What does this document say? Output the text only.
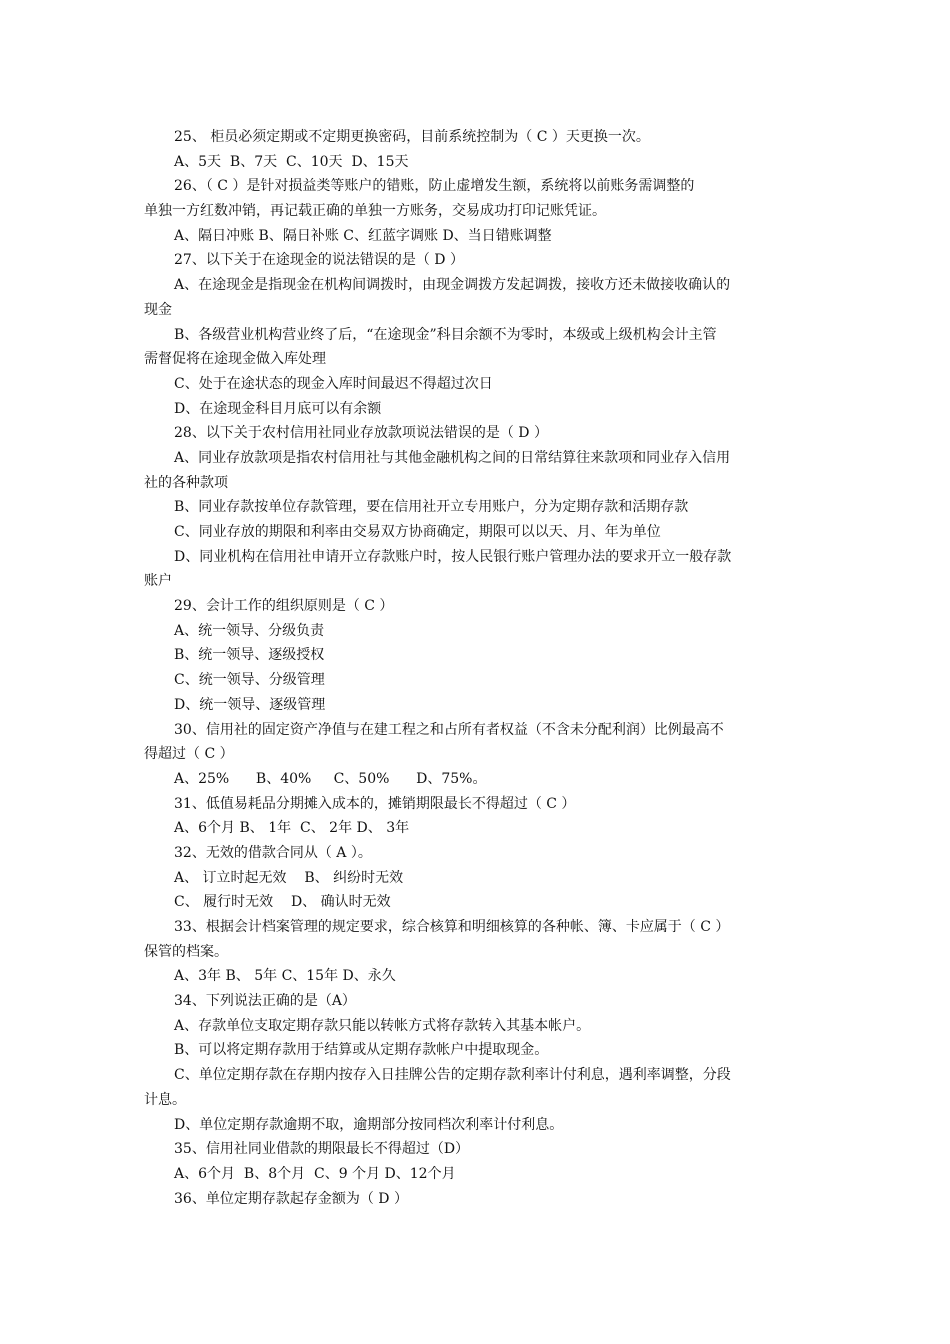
25、 柜员必须定期或不定期更换密码，目前系统控制为（ C ）天更换一次。

A、5天  B、7天  C、10天  D、15天

26、（ C ）是针对损益类等账户的错账，防止虚增发生额，系统将以前账务需调整的

单独一方红数冲销，再记载正确的单独一方账务，交易成功打印记账凭证。

A、隔日冲账 B、隔日补账 C、红蓝字调账 D、当日错账调整

27、以下关于在途现金的说法错误的是（ D ）

A、在途现金是指现金在机构间调拨时，由现金调拨方发起调拨，接收方还未做接收确认的

现金

B、各级营业机构营业终了后，“在途现金”科目余额不为零时，本级或上级机构会计主管

需督促将在途现金做入库处理

C、处于在途状态的现金入库时间最迟不得超过次日

D、在途现金科目月底可以有余额

28、以下关于农村信用社同业存放款项说法错误的是（ D ）

A、同业存放款项是指农村信用社与其他金融机构之间的日常结算往来款项和同业存入信用

社的各种款项

B、同业存款按单位存款管理，要在信用社开立专用账户，分为定期存款和活期存款

C、同业存放的期限和利率由交易双方协商确定，期限可以以天、月、年为单位

D、同业机构在信用社申请开立存款账户时，按人民银行账户管理办法的要求开立一般存款

账户

29、会计工作的组织原则是（ C ）

A、统一领导、分级负责

B、统一领导、逐级授权

C、统一领导、分级管理

D、统一领导、逐级管理

30、信用社的固定资产净值与在建工程之和占所有者权益（不含未分配利润）比例最高不

得超过（ C ）

A、25%      B、40%     C、50%      D、75%。

31、低值易耗品分期摊入成本的，摊销期限最长不得超过（ C ）

A、6个月 B、 1年  C、 2年 D、 3年

32、无效的借款合同从（ A ）。

A、 订立时起无效    B、 纠纷时无效

C、 履行时无效    D、 确认时无效

33、根据会计档案管理的规定要求，综合核算和明细核算的各种帐、簿、卡应属于（ C ）

保管的档案。

A、3年 B、 5年 C、15年 D、永久

34、下列说法正确的是（A）

A、存款单位支取定期存款只能以转帐方式将存款转入其基本帐户。

B、可以将定期存款用于结算或从定期存款帐户中提取现金。

C、单位定期存款在存期内按存入日挂牌公告的定期存款利率计付利息，遇利率调整，分段

计息。

D、单位定期存款逾期不取，逾期部分按同档次利率计付利息。

35、信用社同业借款的期限最长不得超过（D）

A、6个月  B、8个月  C、9 个月 D、12个月

36、单位定期存款起存金额为（ D ）
